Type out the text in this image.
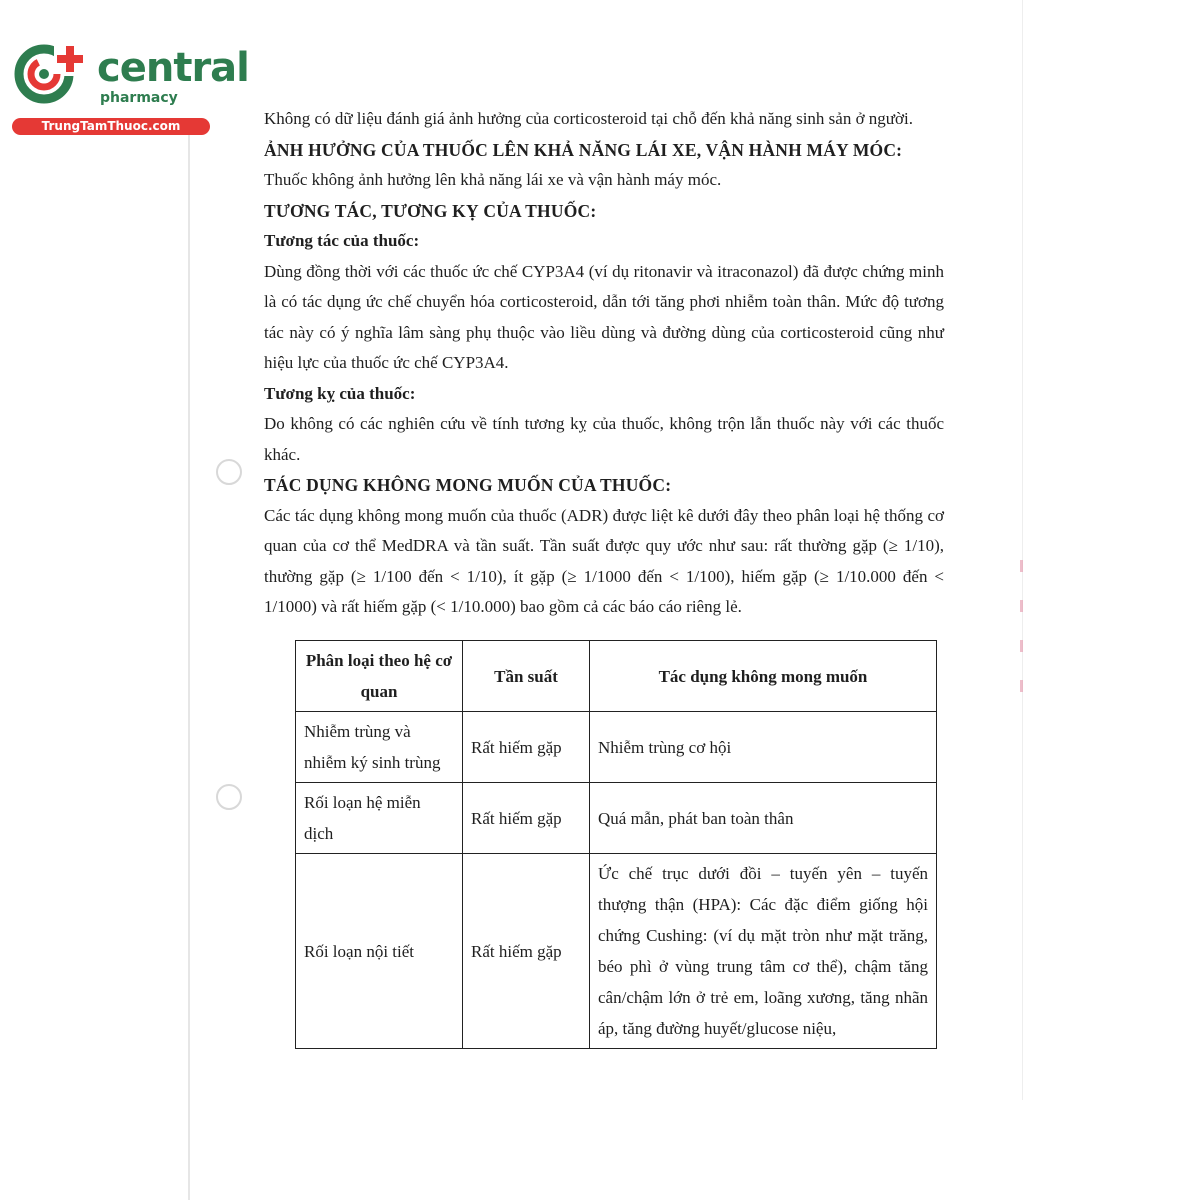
central
pharmacy
TrungTamThuoc.com	Không có dữ liệu đánh giá ảnh hưởng của corticosteroid tại chỗ đến khả năng sinh sản ở người.

ẢNH HƯỞNG CỦA THUỐC LÊN KHẢ NĂNG LÁI XE, VẬN HÀNH MÁY MÓC:

Thuốc không ảnh hưởng lên khả năng lái xe và vận hành máy móc.

TƯƠNG TÁC, TƯƠNG KỴ CỦA THUỐC:

Tương tác của thuốc:

Dùng đồng thời với các thuốc ức chế CYP3A4 (ví dụ ritonavir và itraconazol) đã được chứng minh là có tác dụng ức chế chuyển hóa corticosteroid, dẫn tới tăng phơi nhiễm toàn thân. Mức độ tương tác này có ý nghĩa lâm sàng phụ thuộc vào liều dùng và đường dùng của corticosteroid cũng như hiệu lực của thuốc ức chế CYP3A4.

Tương kỵ của thuốc:

Do không có các nghiên cứu về tính tương kỵ của thuốc, không trộn lẫn thuốc này với các thuốc khác.

TÁC DỤNG KHÔNG MONG MUỐN CỦA THUỐC:

Các tác dụng không mong muốn của thuốc (ADR) được liệt kê dưới đây theo phân loại hệ thống cơ quan của cơ thể MedDRA và tần suất. Tần suất được quy ước như sau: rất thường gặp (≥ 1/10), thường gặp (≥ 1/100 đến < 1/10), ít gặp (≥ 1/1000 đến < 1/100), hiếm gặp (≥ 1/10.000 đến < 1/1000) và rất hiếm gặp (< 1/10.000) bao gồm cả các báo cáo riêng lẻ.

Phân loại theo hệ cơ quan	Tần suất	Tác dụng không mong muốn
Nhiễm trùng và nhiễm ký sinh trùng	Rất hiếm gặp	Nhiễm trùng cơ hội
Rối loạn hệ miễn dịch	Rất hiếm gặp	Quá mẫn, phát ban toàn thân
Rối loạn nội tiết	Rất hiếm gặp	Ức chế trục dưới đồi – tuyến yên – tuyến thượng thận (HPA): Các đặc điểm giống hội chứng Cushing: (ví dụ mặt tròn như mặt trăng, béo phì ở vùng trung tâm cơ thể), chậm tăng cân/chậm lớn ở trẻ em, loãng xương, tăng nhãn áp, tăng đường huyết/glucose niệu,
